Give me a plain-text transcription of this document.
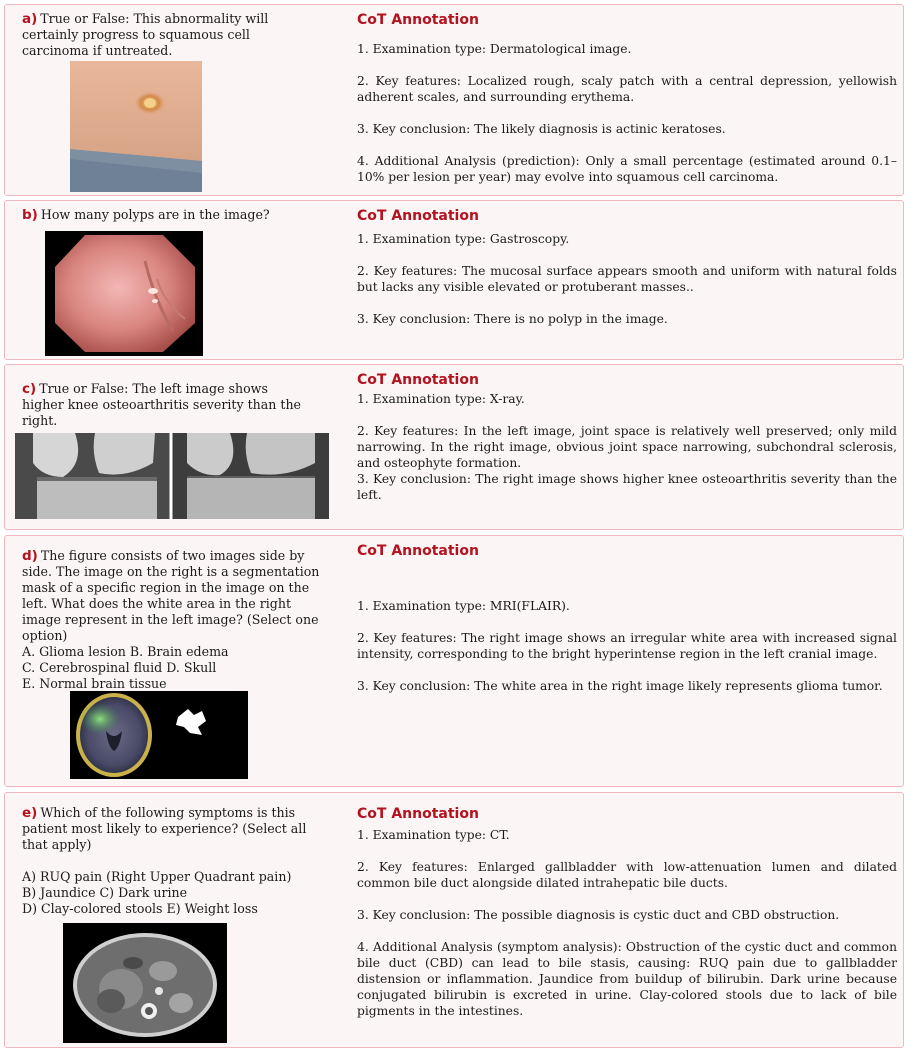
a) True or False: This abnormality will certainly progress to squamous cell carcinoma if untreated.
CoT Annotation

1. Examination type: Dermatological image.

2. Key features: Localized rough, scaly patch with a central depression, yellowish adherent scales, and surrounding erythema.

3. Key conclusion: The likely diagnosis is actinic keratoses.

4. Additional Analysis (prediction): Only a small percentage (estimated around 0.1–10% per lesion per year) may evolve into squamous cell carcinoma.

b) How many polyps are in the image?	CoT Annotation

1. Examination type: Gastroscopy.

2. Key features: The mucosal surface appears smooth and uniform with natural folds but lacks any visible elevated or protuberant masses..

3. Key conclusion: There is no polyp in the image.

c) True or False: The left image shows higher knee osteoarthritis severity than the right.
CoT Annotation

1. Examination type: X-ray.

2. Key features: In the left image, joint space is relatively well preserved; only mild narrowing. In the right image, obvious joint space narrowing, subchondral sclerosis, and osteophyte formation.

3. Key conclusion: The right image shows higher knee osteoarthritis severity than the left.

d) The figure consists of two images side by side. The image on the right is a segmentation mask of a specific region in the image on the left. What does the white area in the right image represent in the left image? (Select one option)
A. Glioma lesion B. Brain edema
C. Cerebrospinal fluid D. Skull
E. Normal brain tissue
CoT Annotation

1. Examination type: MRI(FLAIR).

2. Key features: The right image shows an irregular white area with increased signal intensity, corresponding to the bright hyperintense region in the left cranial image.

3. Key conclusion: The white area in the right image likely represents glioma tumor.

e) Which of the following symptoms is this patient most likely to experience? (Select all that apply)
A) RUQ pain (Right Upper Quadrant pain)
B) Jaundice C) Dark urine
D) Clay-colored stools E) Weight loss
CoT Annotation

1. Examination type: CT.

2. Key features: Enlarged gallbladder with low-attenuation lumen and dilated common bile duct alongside dilated intrahepatic bile ducts.

3. Key conclusion: The possible diagnosis is cystic duct and CBD obstruction.

4. Additional Analysis (symptom analysis): Obstruction of the cystic duct and common bile duct (CBD) can lead to bile stasis, causing: RUQ pain due to gallbladder distension or inflammation. Jaundice from buildup of bilirubin. Dark urine because conjugated bilirubin is excreted in urine. Clay-colored stools due to lack of bile pigments in the intestines.
